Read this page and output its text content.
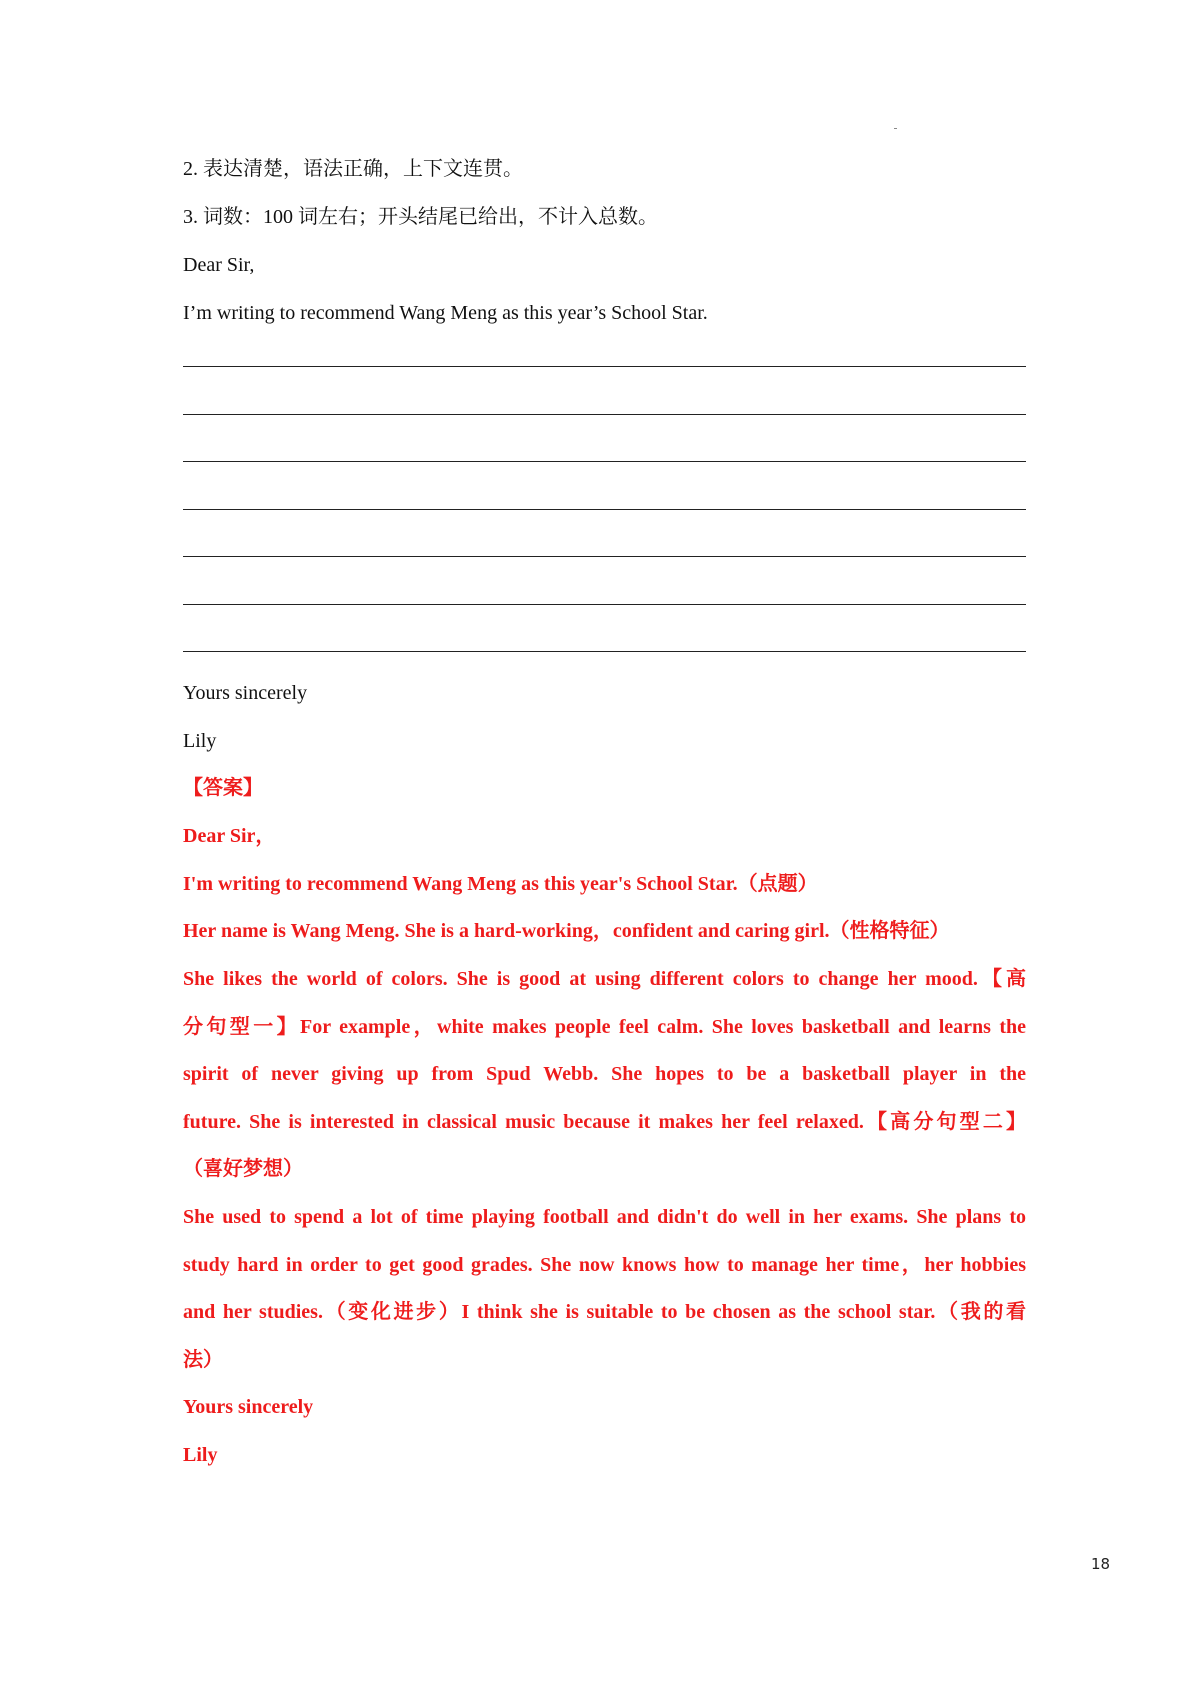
2. 表达清楚，语法正确，上下文连贯。
3. 词数：100 词左右；开头结尾已给出，不计入总数。
Dear Sir,
I’m writing to recommend Wang Meng as this year’s School Star.
Yours sincerely
Lily
【答案】
Dear Sir，
I'm writing to recommend Wang Meng as this year's School Star.（点题）
Her name is Wang Meng. She is a hard-working，confident and caring girl.（性格特征）
She likes the world of colors. She is good at using different colors to change her mood.【高
分句型一】For example，white makes people feel calm. She loves basketball and learns the
spirit of never giving up from Spud Webb. She hopes to be a basketball player in the
future. She is interested in classical music because it makes her feel relaxed.【高分句型二】
（喜好梦想）
She used to spend a lot of time playing football and didn't do well in her exams. She plans to
study hard in order to get good grades. She now knows how to manage her time，her hobbies
and her studies.（变化进步）I think she is suitable to be chosen as the school star.（我的看
法）
Yours sincerely
Lily
18
